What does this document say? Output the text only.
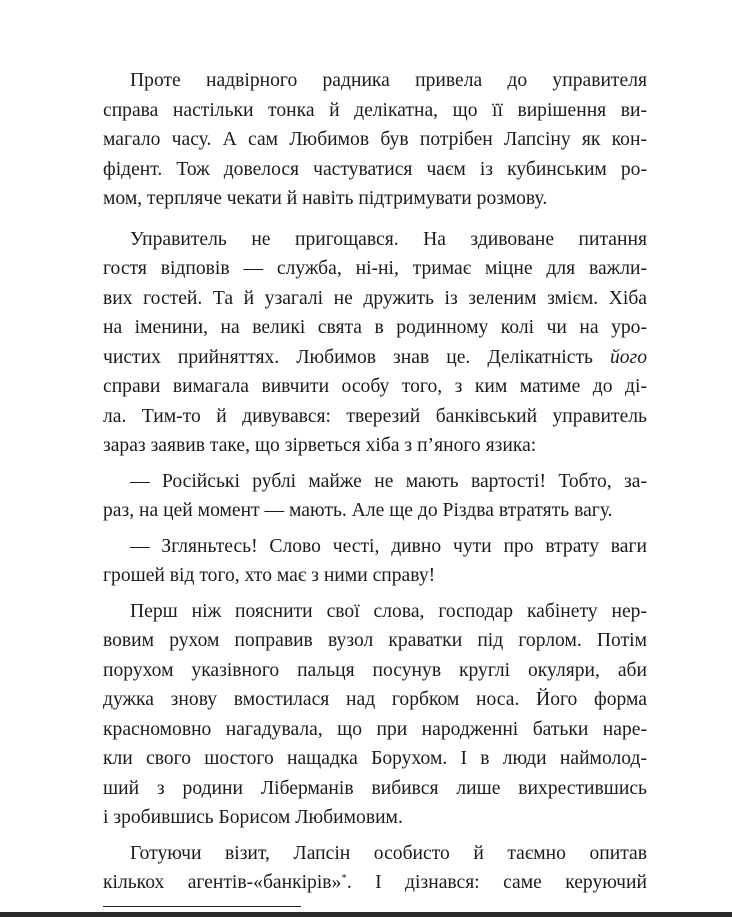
Проте надвірного радника привела до управителя
справа настільки тонка й делікатна, що її вирішення ви-
магало часу. А сам Любимов був потрібен Лапсіну як кон-
фідент. Тож довелося частуватися чаєм із кубинським ро-
мом, терпляче чекати й навіть підтримувати розмову.
Управитель не пригощався. На здивоване питання
гостя відповів — служба, ні-ні, тримає міцне для важли-
вих гостей. Та й узагалі не дружить із зеленим змієм. Хіба
на іменини, на великі свята в родинному колі чи на уро-
чистих прийняттях. Любимов знав це. Делікатність його
справи вимагала вивчити особу того, з ким матиме до ді-
ла. Тим-то й дивувався: тверезий банківський управитель
зараз заявив таке, що зірветься хіба з п’яного язика:
— Російські рублі майже не мають вартості! Тобто, за-
раз, на цей момент — мають. Але ще до Різдва втратять вагу.
— Згляньтесь! Слово честі, дивно чути про втрату ваги
грошей від того, хто має з ними справу!
Перш ніж пояснити свої слова, господар кабінету нер-
вовим рухом поправив вузол краватки під горлом. Потім
порухом указівного пальця посунув круглі окуляри, аби
дужка знову вмостилася над горбком носа. Його форма
красномовно нагадувала, що при народженні батьки наре-
кли свого шостого нащадка Борухом. І в люди наймолод-
ший з родини Ліберманів вибився лише вихрестившись
і зробившись Борисом Любимовим.
Готуючи візит, Лапсін особисто й таємно опитав
кількох агентів-«банкірів»*. І дізнався: саме керуючий
